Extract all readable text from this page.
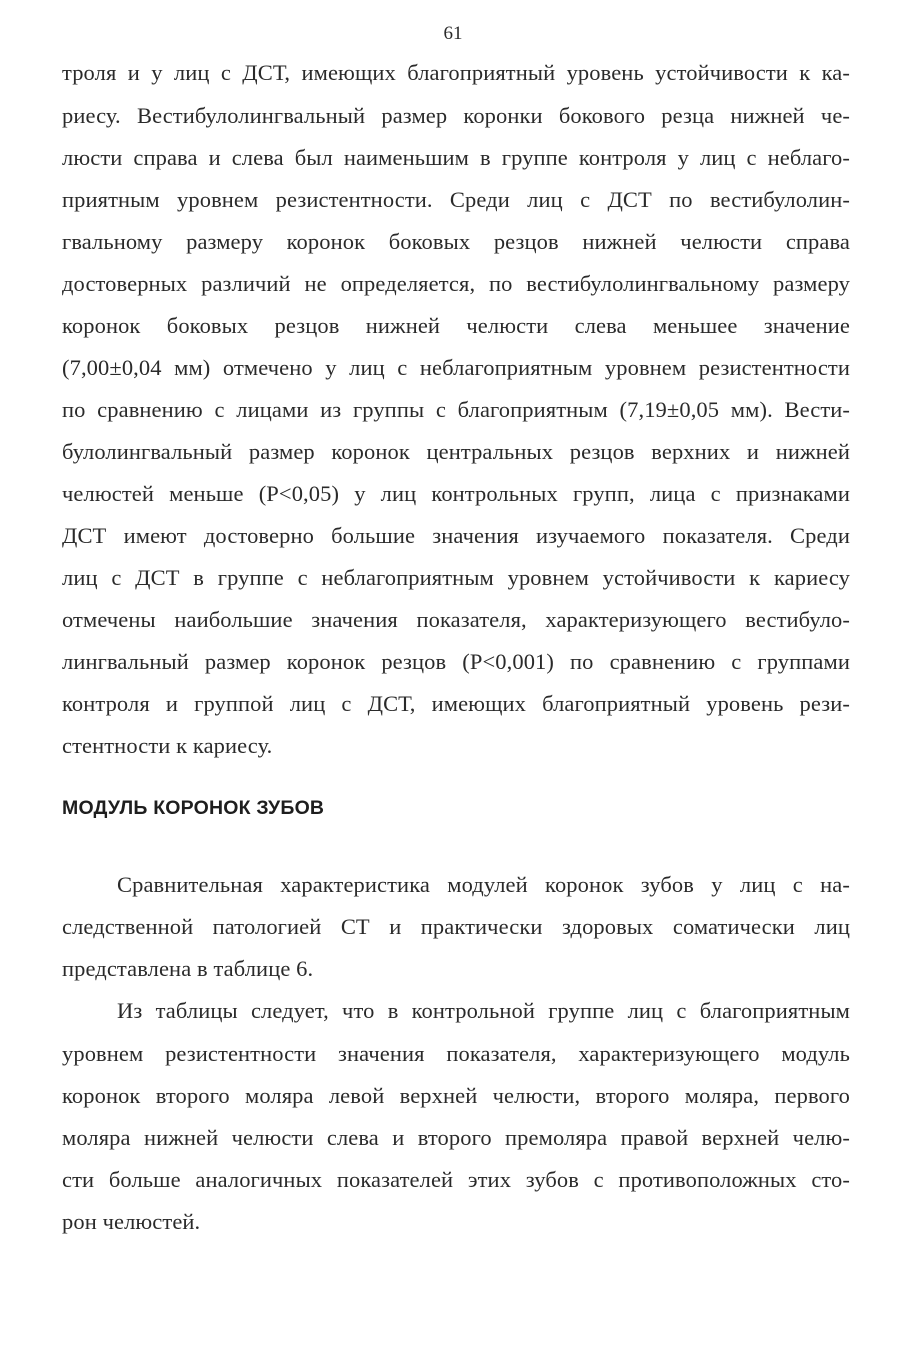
61
троля и у лиц с ДСТ, имеющих благоприятный уровень устойчивости к ка-
риесу. Вестибулолингвальный размер коронки бокового резца нижней че-
люсти справа и слева был наименьшим в группе контроля у лиц с неблаго-
приятным уровнем резистентности. Среди лиц с ДСТ по вестибулолин-
гвальному размеру коронок боковых резцов нижней челюсти справа
достоверных различий не определяется, по вестибулолингвальному размеру
коронок боковых резцов нижней челюсти слева меньшее значение
(7,00±0,04 мм) отмечено у лиц с неблагоприятным уровнем резистентности
по сравнению с лицами из группы с благоприятным (7,19±0,05 мм). Вести-
булолингвальный размер коронок центральных резцов верхних и нижней
челюстей меньше (P<0,05) у лиц контрольных групп, лица с признаками
ДСТ имеют достоверно большие значения изучаемого показателя. Среди
лиц с ДСТ в группе с неблагоприятным уровнем устойчивости к кариесу
отмечены наибольшие значения показателя, характеризующего вестибуло-
лингвальный размер коронок резцов (P<0,001) по сравнению с группами
контроля и группой лиц с ДСТ, имеющих благоприятный уровень рези-
стентности к кариесу.
МОДУЛЬ КОРОНОК ЗУБОВ
Сравнительная характеристика модулей коронок зубов у лиц с на-
следственной патологией СТ и практически здоровых соматически лиц
представлена в таблице 6.
Из таблицы следует, что в контрольной группе лиц с благоприятным
уровнем резистентности значения показателя, характеризующего модуль
коронок второго моляра левой верхней челюсти, второго моляра, первого
моляра нижней челюсти слева и второго премоляра правой верхней челю-
сти больше аналогичных показателей этих зубов с противоположных сто-
рон челюстей.
